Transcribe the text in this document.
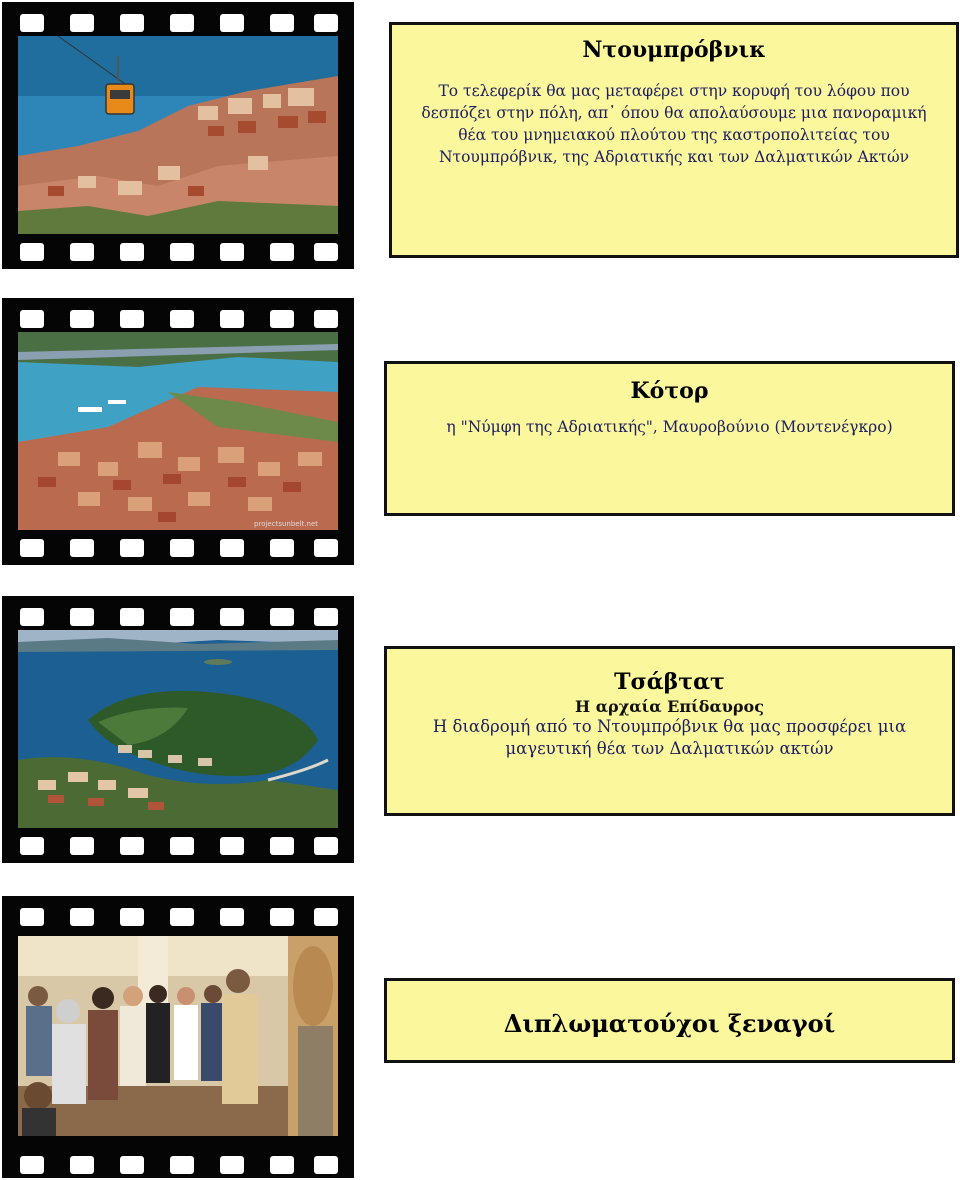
Ντουμπρόβνικ
Το τελεφερίκ θα μας μεταφέρει στην κορυφή του λόφου που δεσπόζει στην πόλη, απ᾽ όπου θα απολαύσουμε μια πανοραμική θέα του μνημειακού πλούτου της καστροπολιτείας του Ντουμπρόβνικ, της Αδριατικής και των Δαλματικών Ακτών
projectsunbelt.net
Κότορ
η "Νύμφη της Αδριατικής", Μαυροβούνιο (Μοντενέγκρο)
Τσάβτατ
Η αρχαία Επίδαυρος
Η διαδρομή από το Ντουμπρόβνικ θα μας προσφέρει μια μαγευτική θέα των Δαλματικών ακτών
Διπλωματούχοι ξεναγοί
